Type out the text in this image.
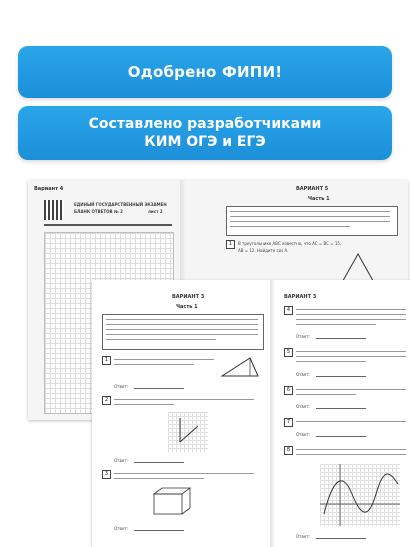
Одобрено ФИПИ!
Составлено разработчиками
КИМ ОГЭ и ЕГЭ
Вариант 4
ЕДИНЫЙ ГОСУДАРСТВЕННЫЙ ЭКЗАМЕН
БЛАНК ОТВЕТОВ № 2	лист 2
ВАРИАНТ 5
Часть 1
1	В треугольнике ABC известно, что AC = BC = 15,
AB = 12. Найдите cos A.
ВАРИАНТ 3
Часть 1
1
Ответ:
2
Ответ:
3
Ответ:
ВАРИАНТ 3
4
Ответ:
5
Ответ:
6
Ответ:
7
Ответ:
8
Ответ:
